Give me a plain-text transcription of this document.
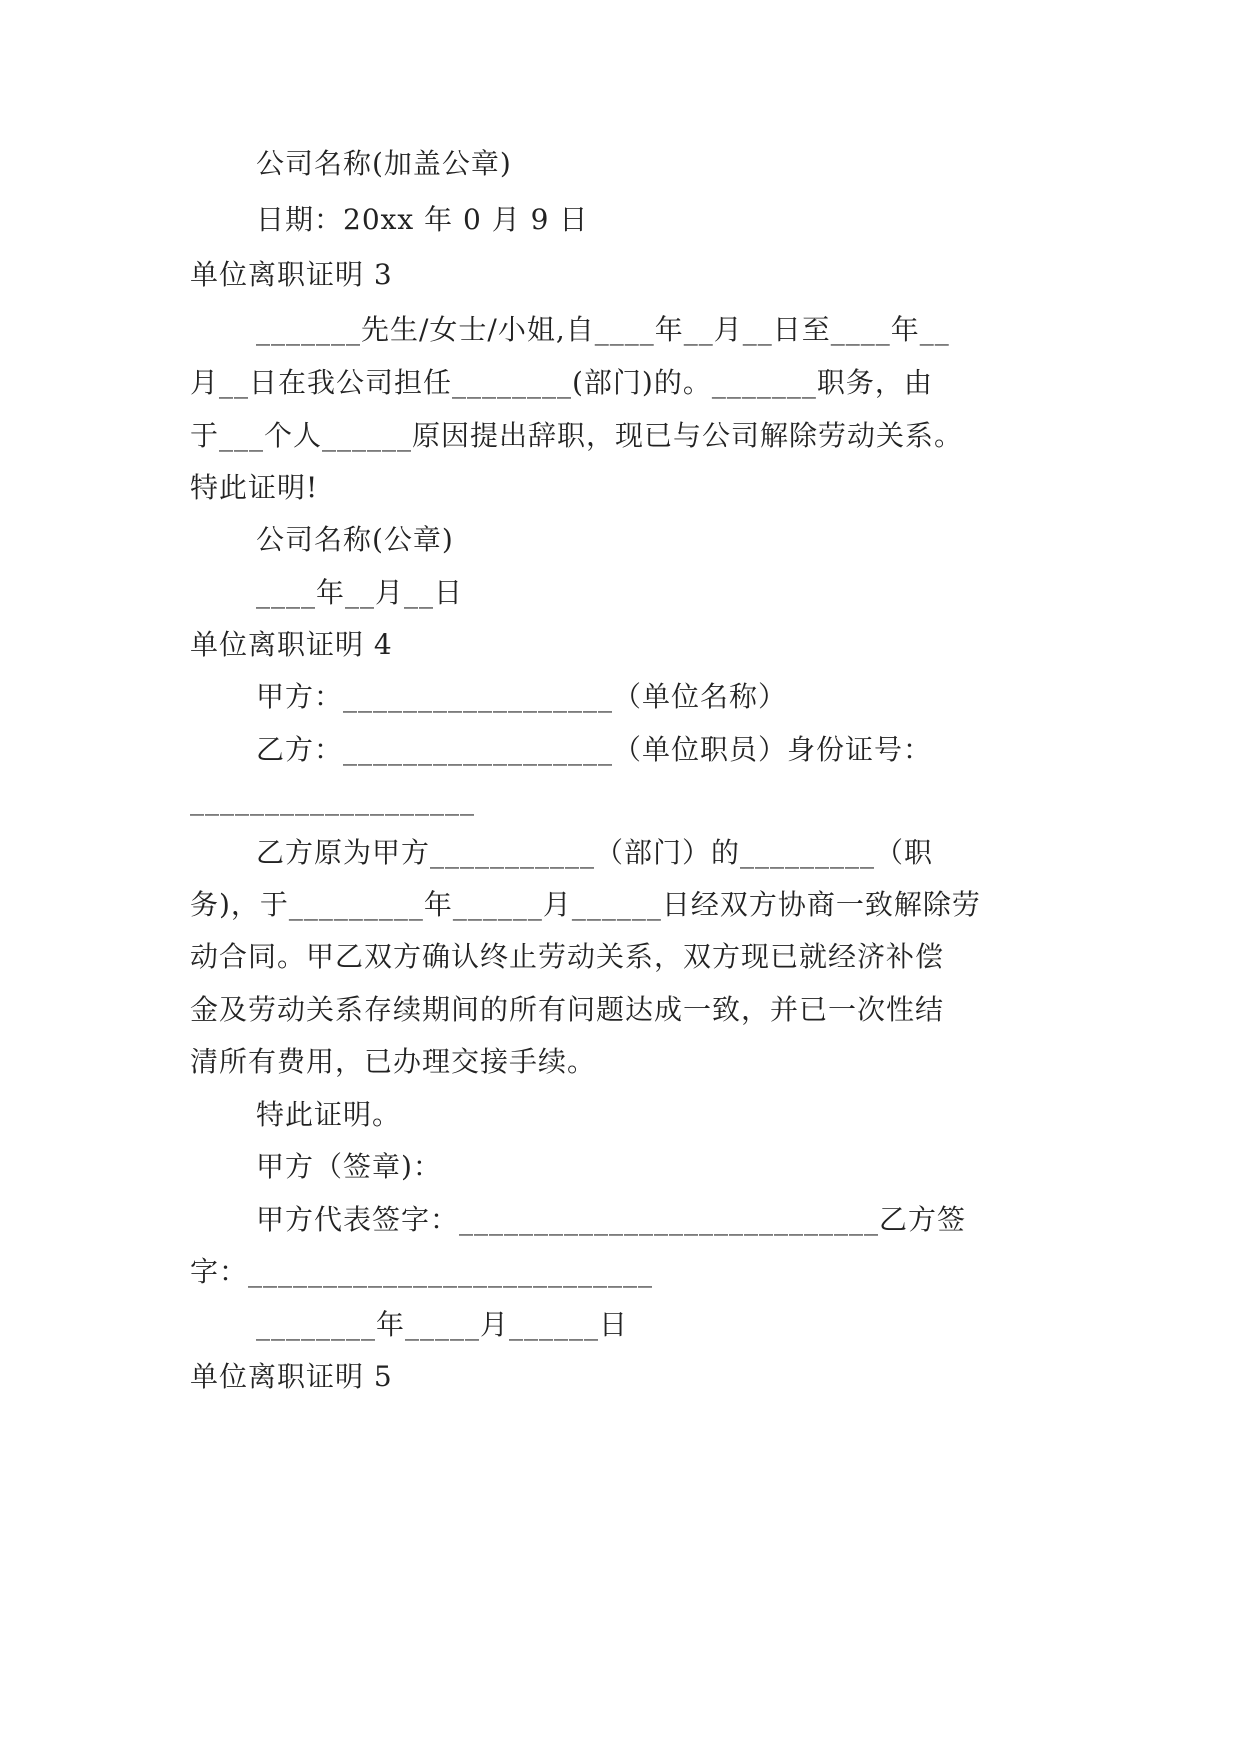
公司名称(加盖公章)
日期：20xx 年 0 月 9 日
单位离职证明 3
_______先生/女士/小姐,自____年__月__日至____年__
月__日在我公司担任________(部门)的。_______职务，由
于___个人______原因提出辞职，现已与公司解除劳动关系。
特此证明!
公司名称(公章)
____年__月__日
单位离职证明 4
甲方：__________________（单位名称）
乙方：__________________（单位职员）身份证号：
___________________
乙方原为甲方___________（部门）的_________（职
务)，于_________年______月______日经双方协商一致解除劳
动合同。甲乙双方确认终止劳动关系，双方现已就经济补偿
金及劳动关系存续期间的所有问题达成一致，并已一次性结
清所有费用，已办理交接手续。
特此证明。
甲方（签章)：
甲方代表签字：____________________________乙方签
字：___________________________
________年_____月______日
单位离职证明 5
